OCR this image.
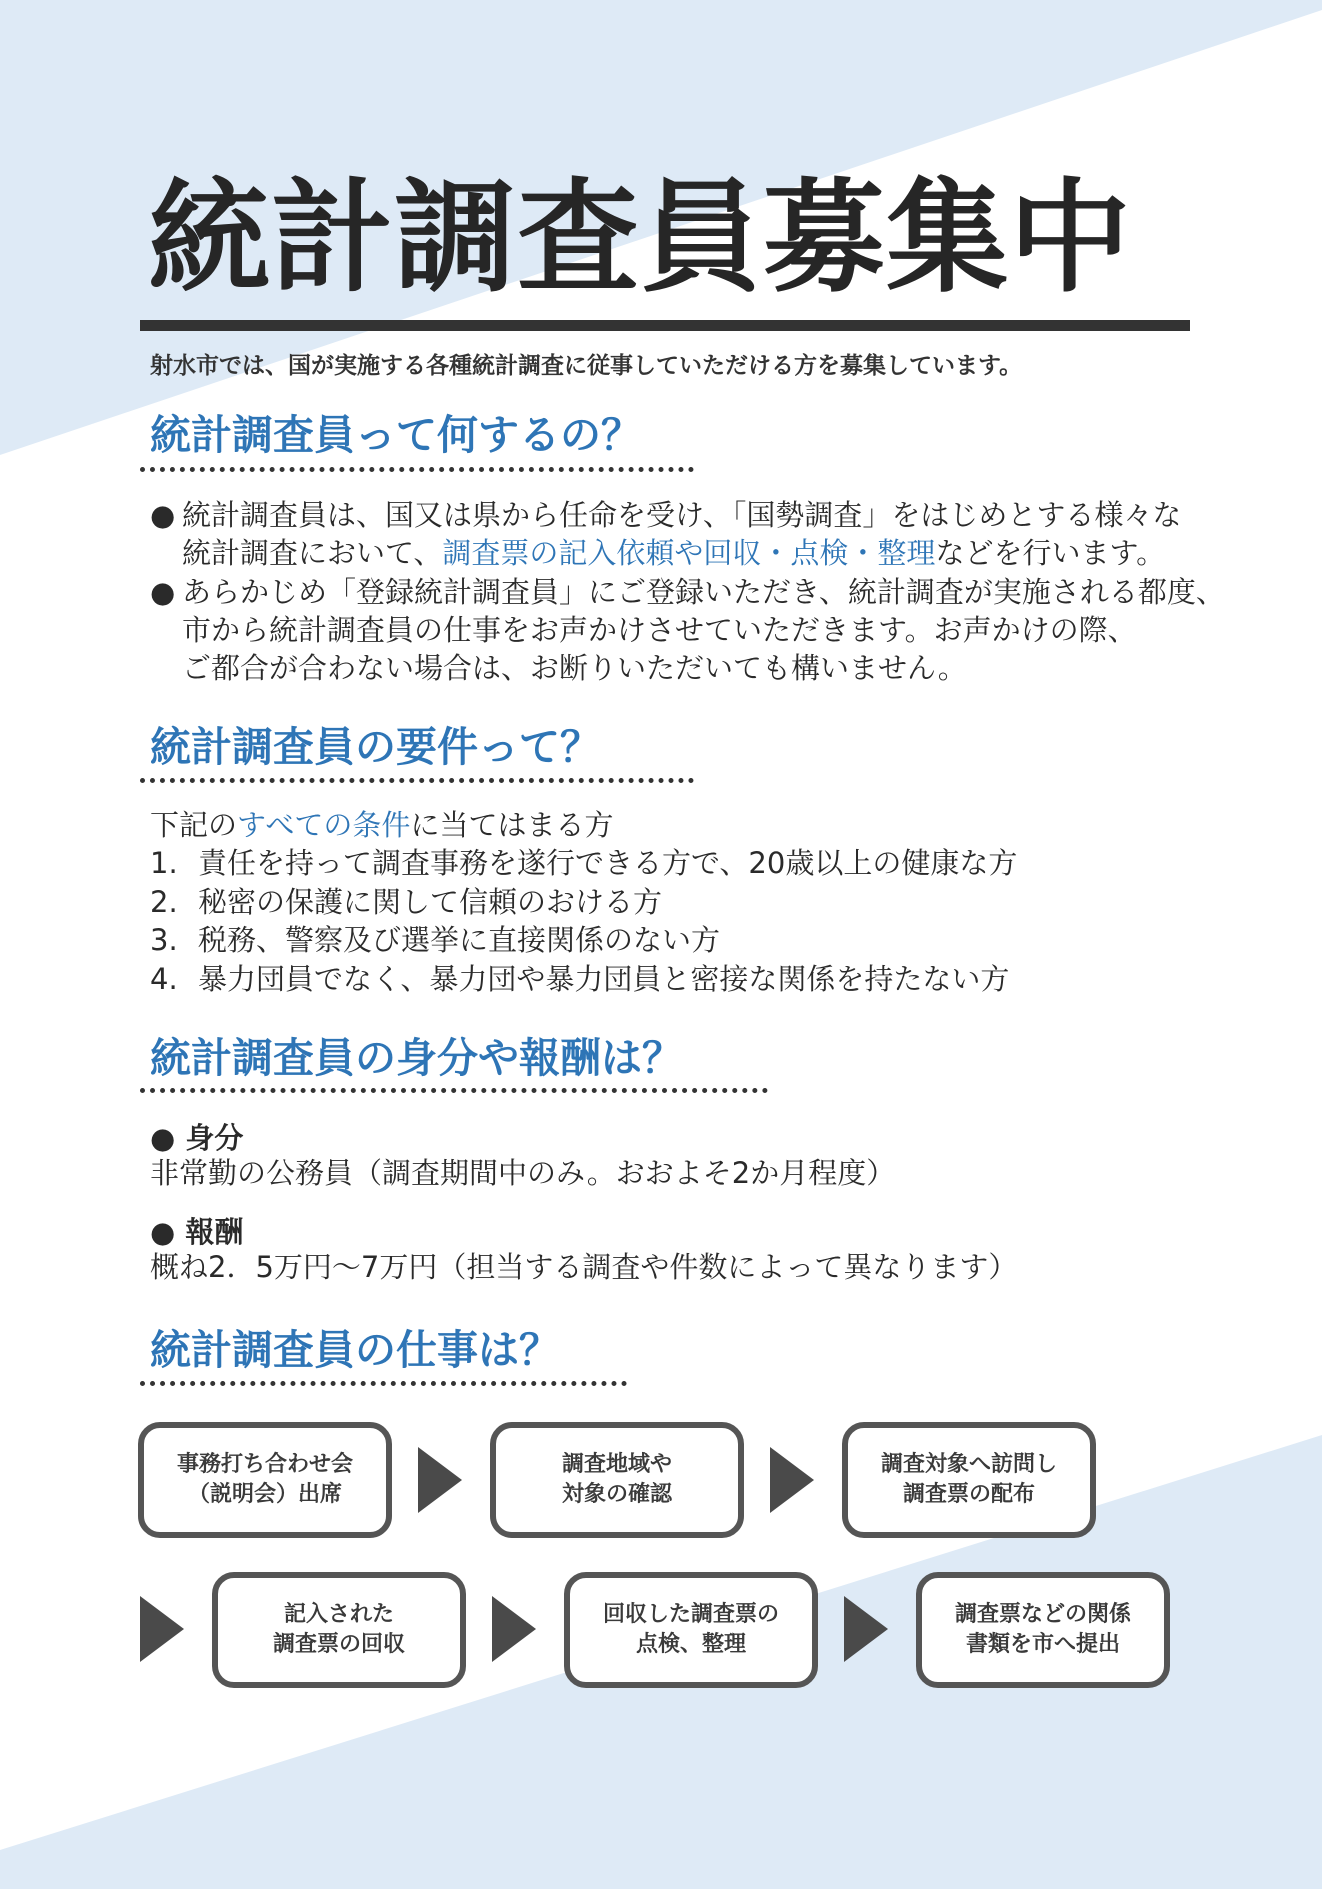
統計調査員募集中
射水市では、国が実施する各種統計調査に従事していただける方を募集しています。
統計調査員って何するの？
● 統計調査員は、国又は県から任命を受け、「国勢調査」をはじめとする様々な
統計調査において、調査票の記入依頼や回収・点検・整理などを行います。
● あらかじめ「登録統計調査員」にご登録いただき、統計調査が実施される都度、
市から統計調査員の仕事をお声かけさせていただきます。お声かけの際、
ご都合が合わない場合は、お断りいただいても構いません。
統計調査員の要件って？
下記のすべての条件に当てはまる方
1. 責任を持って調査事務を遂行できる方で、20歳以上の健康な方
2. 秘密の保護に関して信頼のおける方
3. 税務、警察及び選挙に直接関係のない方
4. 暴力団員でなく、暴力団や暴力団員と密接な関係を持たない方
統計調査員の身分や報酬は？
● 身分
非常勤の公務員（調査期間中のみ。おおよそ2か月程度）
● 報酬
概ね2．5万円～7万円（担当する調査や件数によって異なります）
統計調査員の仕事は？
事務打ち合わせ会
（説明会）出席
調査地域や
対象の確認
調査対象へ訪問し
調査票の配布
記入された
調査票の回収
回収した調査票の
点検、整理
調査票などの関係
書類を市へ提出
